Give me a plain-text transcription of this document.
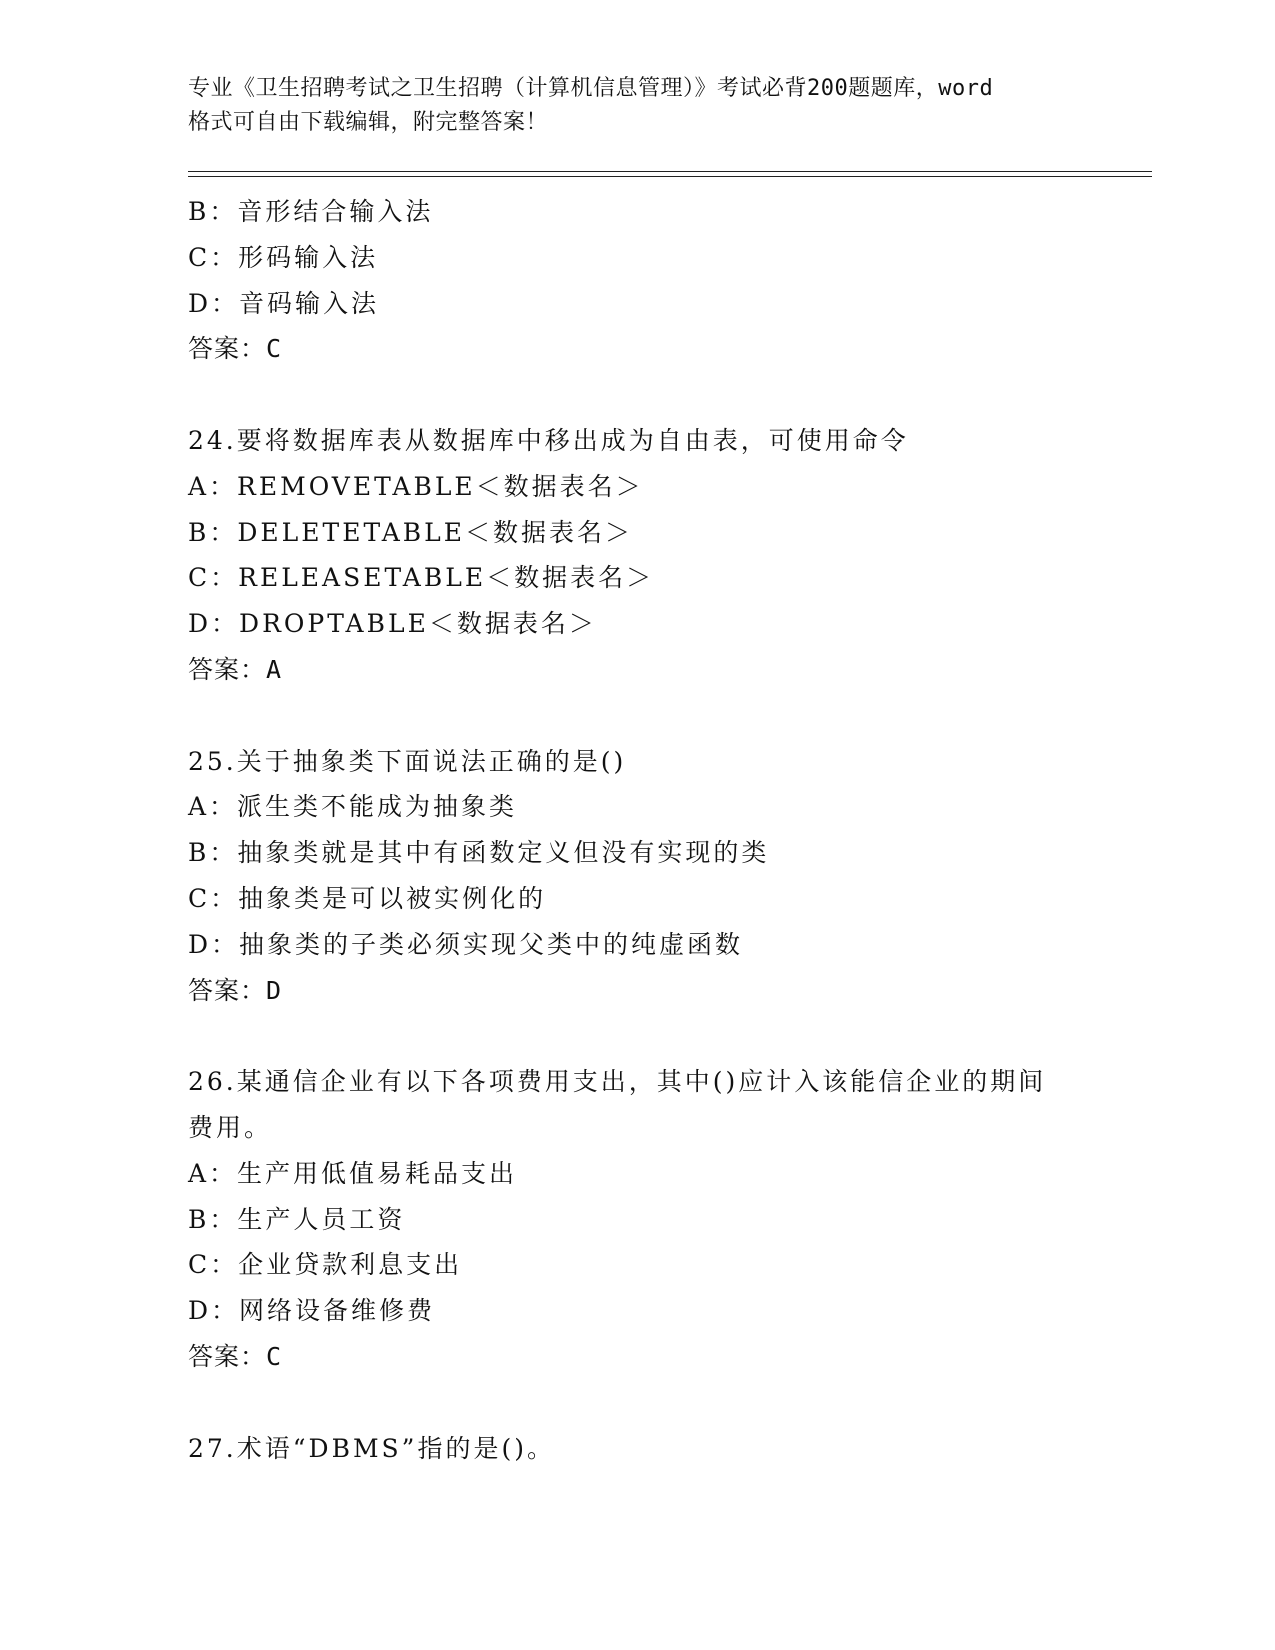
专业《卫生招聘考试之卫生招聘（计算机信息管理）》考试必背200题题库，word
格式可自由下载编辑，附完整答案！
B：音形结合输入法
C：形码输入法
D：音码输入法
答案：C
24.要将数据库表从数据库中移出成为自由表，可使用命令
A：REMOVETABLE＜数据表名＞
B：DELETETABLE＜数据表名＞
C：RELEASETABLE＜数据表名＞
D：DROPTABLE＜数据表名＞
答案：A
25.关于抽象类下面说法正确的是()
A：派生类不能成为抽象类
B：抽象类就是其中有函数定义但没有实现的类
C：抽象类是可以被实例化的
D：抽象类的子类必须实现父类中的纯虚函数
答案：D
26.某通信企业有以下各项费用支出，其中()应计入该能信企业的期间
费用。
A：生产用低值易耗品支出
B：生产人员工资
C：企业贷款利息支出
D：网络设备维修费
答案：C
27.术语“DBMS”指的是()。
